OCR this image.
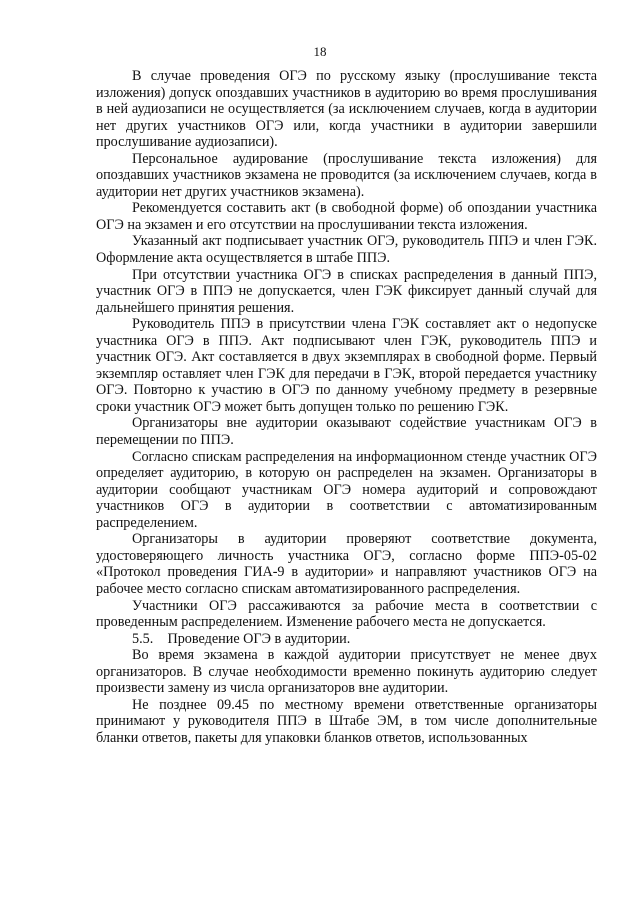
18

В случае проведения ОГЭ по русскому языку (прослушивание текста изложения) допуск опоздавших участников в аудиторию во время прослушивания в ней аудиозаписи не осуществляется (за исключением случаев, когда в аудитории нет других участников ОГЭ или, когда участники в аудитории завершили прослушивание аудиозаписи).

Персональное аудирование (прослушивание текста изложения) для опоздавших участников экзамена не проводится (за исключением случаев, когда в аудитории нет других участников экзамена).

Рекомендуется составить акт (в свободной форме) об опоздании участника ОГЭ на экзамен и его отсутствии на прослушивании текста изложения.

Указанный акт подписывает участник ОГЭ, руководитель ППЭ и член ГЭК. Оформление акта осуществляется в штабе ППЭ.

При отсутствии участника ОГЭ в списках распределения в данный ППЭ, участник ОГЭ в ППЭ не допускается, член ГЭК фиксирует данный случай для дальнейшего принятия решения.

Руководитель ППЭ в присутствии члена ГЭК составляет акт о недопуске участника ОГЭ в ППЭ. Акт подписывают член ГЭК, руководитель ППЭ и участник ОГЭ. Акт составляется в двух экземплярах в свободной форме. Первый экземпляр оставляет член ГЭК для передачи в ГЭК, второй передается участнику ОГЭ. Повторно к участию в ОГЭ по данному учебному предмету в резервные сроки участник ОГЭ может быть допущен только по решению ГЭК.

Организаторы вне аудитории оказывают содействие участникам ОГЭ в перемещении по ППЭ.

Согласно спискам распределения на информационном стенде участник ОГЭ определяет аудиторию, в которую он распределен на экзамен. Организаторы в аудитории сообщают участникам ОГЭ номера аудиторий и сопровождают участников ОГЭ в аудитории в соответствии с автоматизированным распределением.

Организаторы в аудитории проверяют соответствие документа, удостоверяющего личность участника ОГЭ, согласно форме ППЭ-05-02 «Протокол проведения ГИА-9 в аудитории» и направляют участников ОГЭ на рабочее место согласно спискам автоматизированного распределения.

Участники ОГЭ рассаживаются за рабочие места в соответствии с проведенным распределением. Изменение рабочего места не допускается.

5.5.    Проведение ОГЭ в аудитории.

Во время экзамена в каждой аудитории присутствует не менее двух организаторов. В случае необходимости временно покинуть аудиторию следует произвести замену из числа организаторов вне аудитории.

Не позднее 09.45 по местному времени ответственные организаторы принимают у руководителя ППЭ в Штабе ЭМ, в том числе дополнительные бланки ответов, пакеты для упаковки бланков ответов, использованных
